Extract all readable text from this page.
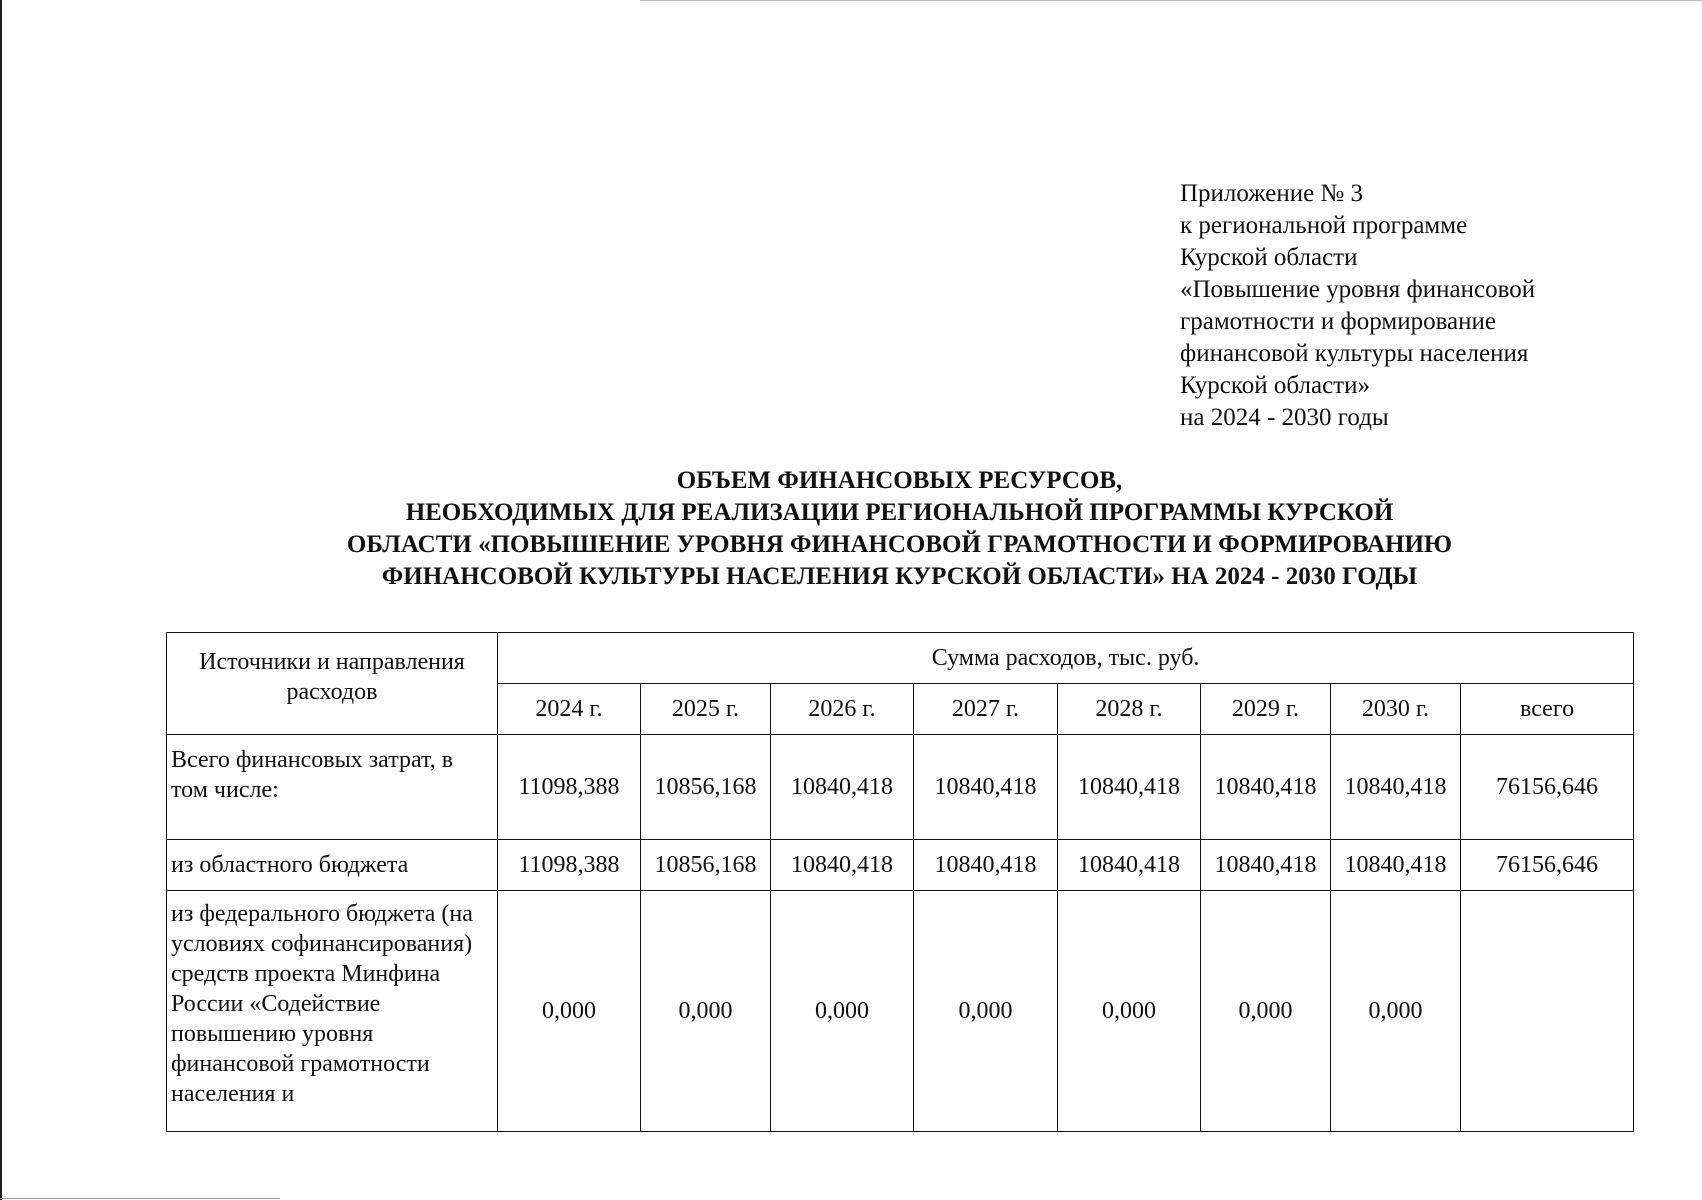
Приложение № 3
к региональной программе
Курской области
«Повышение уровня финансовой
грамотности и формирование
финансовой культуры населения
Курской области»
на 2024 - 2030 годы
ОБЪЕМ ФИНАНСОВЫХ РЕСУРСОВ,
НЕОБХОДИМЫХ ДЛЯ РЕАЛИЗАЦИИ РЕГИОНАЛЬНОЙ ПРОГРАММЫ КУРСКОЙ
ОБЛАСТИ «ПОВЫШЕНИЕ УРОВНЯ ФИНАНСОВОЙ ГРАМОТНОСТИ И ФОРМИРОВАНИЮ
ФИНАНСОВОЙ КУЛЬТУРЫ НАСЕЛЕНИЯ КУРСКОЙ ОБЛАСТИ» НА 2024 - 2030 ГОДЫ
Источники и направления расходов	Сумма расходов, тыс. руб.							
	2024 г.	2025 г.	2026 г.	2027 г.	2028 г.	2029 г.	2030 г.	всего
Всего финансовых затрат, в том числе:	11098,388	10856,168	10840,418	10840,418	10840,418	10840,418	10840,418	76156,646
из областного бюджета	11098,388	10856,168	10840,418	10840,418	10840,418	10840,418	10840,418	76156,646
из федерального бюджета (на условиях софинансирования) средств проекта Минфина России «Содействие повышению уровня финансовой грамотности населения и	0,000	0,000	0,000	0,000	0,000	0,000	0,000	
